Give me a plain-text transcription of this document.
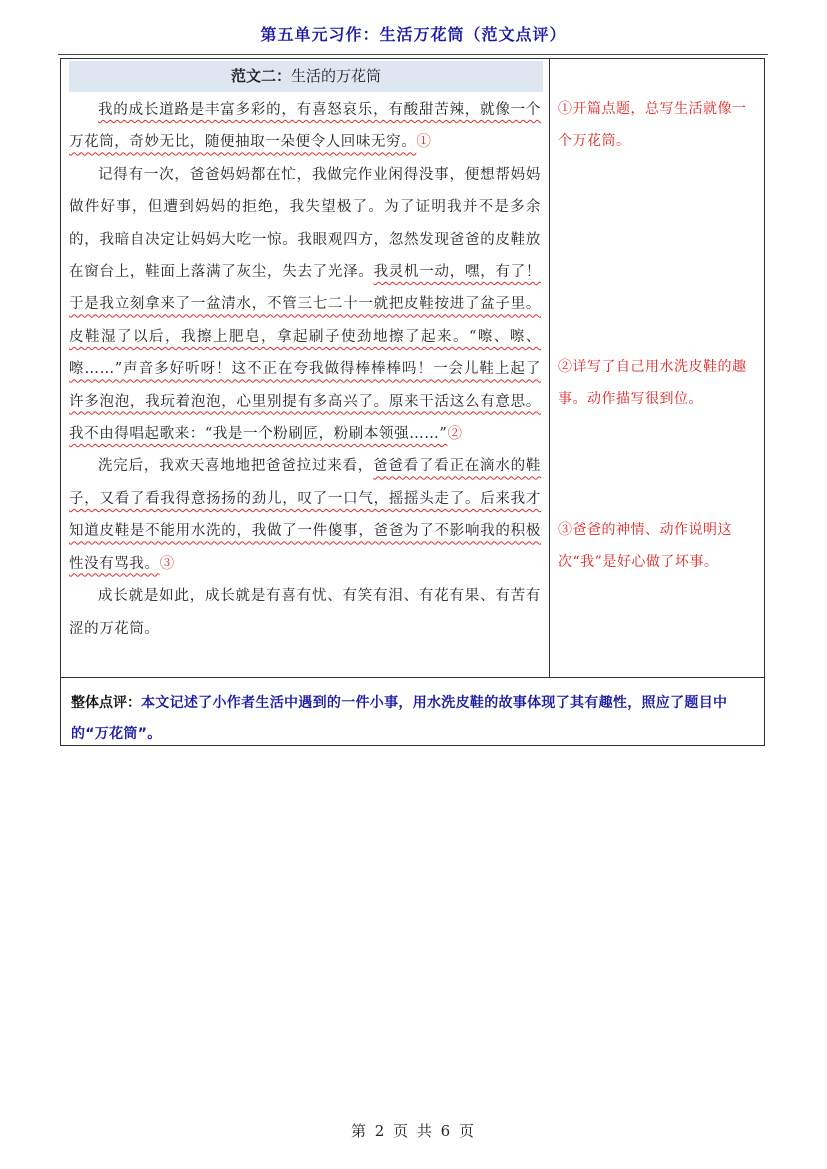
第五单元习作：生活万花筒（范文点评）
范文二：生活的万花筒

我的成长道路是丰富多彩的，有喜怒哀乐，有酸甜苦辣，就像一个万花筒，奇妙无比，随便抽取一朵便令人回味无穷。①

记得有一次，爸爸妈妈都在忙，我做完作业闲得没事，便想帮妈妈做件好事，但遭到妈妈的拒绝，我失望极了。为了证明我并不是多余的，我暗自决定让妈妈大吃一惊。我眼观四方，忽然发现爸爸的皮鞋放在窗台上，鞋面上落满了灰尘，失去了光泽。我灵机一动，嘿，有了！于是我立刻拿来了一盆清水，不管三七二十一就把皮鞋按进了盆子里。皮鞋湿了以后，我擦上肥皂，拿起刷子使劲地擦了起来。“嚓、嚓、嚓……”声音多好听呀！这不正在夸我做得棒棒棒吗！一会儿鞋上起了许多泡泡，我玩着泡泡，心里别提有多高兴了。原来干活这么有意思。我不由得唱起歌来：“我是一个粉刷匠，粉刷本领强……”②

洗完后，我欢天喜地地把爸爸拉过来看，爸爸看了看正在滴水的鞋子，又看了看我得意扬扬的劲儿，叹了一口气，摇摇头走了。后来我才知道皮鞋是不能用水洗的，我做了一件傻事，爸爸为了不影响我的积极性没有骂我。③

成长就是如此，成长就是有喜有忧、有笑有泪、有花有果、有苦有涩的万花筒。

①开篇点题，总写生活就像一个万花筒。
②详写了自己用水洗皮鞋的趣事。动作描写很到位。
③爸爸的神情、动作说明这次“我”是好心做了坏事。
整体点评：本文记述了小作者生活中遇到的一件小事，用水洗皮鞋的故事体现了其有趣性，照应了题目中的“万花筒”。
第 2 页 共 6 页
